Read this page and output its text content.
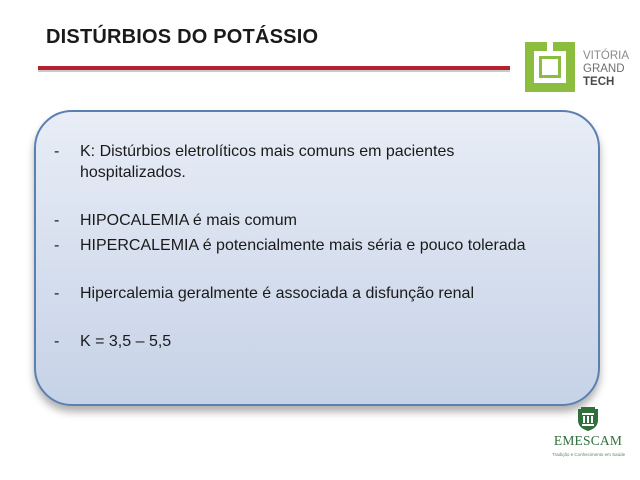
DISTÚRBIOS DO POTÁSSIO
VITÓRIA
GRAND
TECH
-	K: Distúrbios eletrolíticos mais comuns em pacientes hospitalizados.
-	HIPOCALEMIA é mais comum
-	HIPERCALEMIA é potencialmente mais séria e pouco tolerada
-	Hipercalemia geralmente é associada a disfunção renal
-	K = 3,5 – 5,5
EMESCAM
Tradição e Conhecimento em Saúde
